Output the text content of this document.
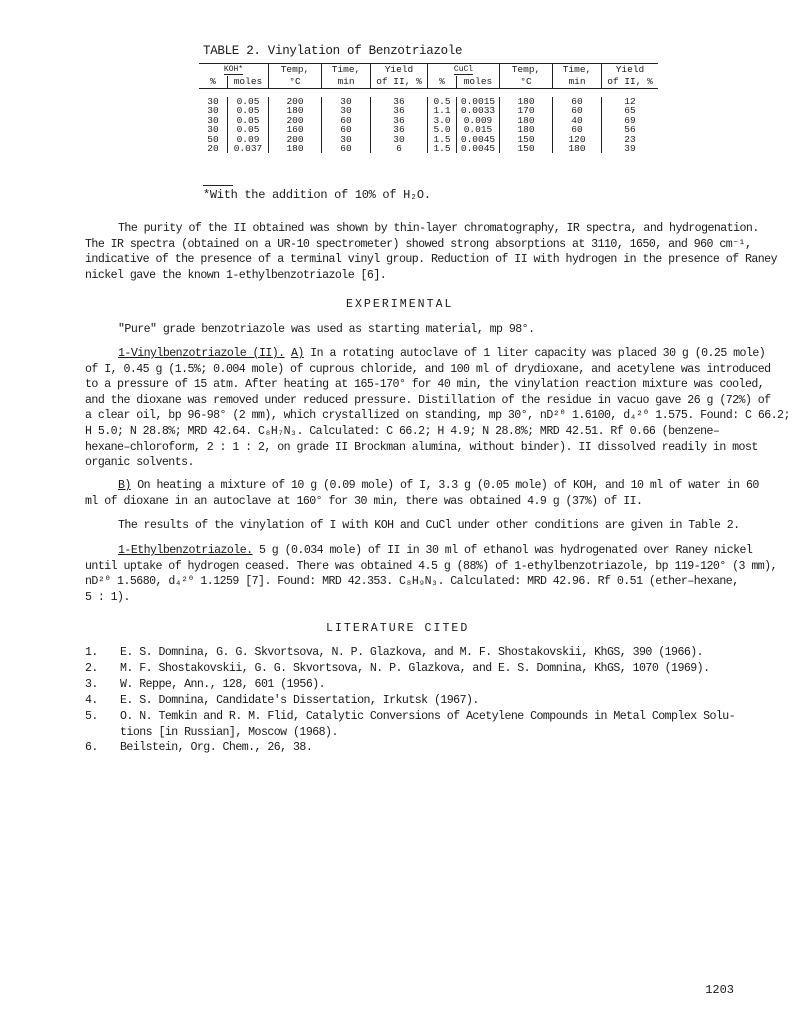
TABLE 2. Vinylation of Benzotriazole
KOH*		Temp,	Time,	Yield	CuCl		Temp,	Time,	Yield
%	moles	°C	min	of II, %	%	moles	°C	min	of II, %

30	0.05	200	30	36	0.5	0.0015	180	60	12
30	0.05	180	30	36	1.1	0.0033	170	60	65
30	0.05	200	60	36	3.0	0.009	180	40	69
30	0.05	160	60	36	5.0	0.015	180	60	56
50	0.09	200	30	30	1.5	0.0045	150	120	23
20	0.037	180	60	6	1.5	0.0045	150	180	39
*With the addition of 10% of H₂O.
The purity of the II obtained was shown by thin-layer chromatography, IR spectra, and hydrogenation.
The IR spectra (obtained on a UR-10 spectrometer) showed strong absorptions at 3110, 1650, and 960 cm⁻¹,
indicative of the presence of a terminal vinyl group. Reduction of II with hydrogen in the presence of Raney
nickel gave the known 1-ethylbenzotriazole [6].
EXPERIMENTAL
"Pure" grade benzotriazole was used as starting material, mp 98°.
1-Vinylbenzotriazole (II). A) In a rotating autoclave of 1 liter capacity was placed 30 g (0.25 mole)
of I, 0.45 g (1.5%; 0.004 mole) of cuprous chloride, and 100 ml of drydioxane, and acetylene was introduced
to a pressure of 15 atm. After heating at 165-170° for 40 min, the vinylation reaction mixture was cooled,
and the dioxane was removed under reduced pressure. Distillation of the residue in vacuo gave 26 g (72%) of
a clear oil, bp 96-98° (2 mm), which crystallized on standing, mp 30°, nD²⁰ 1.6100, d₄²⁰ 1.575. Found: C 66.2;
H 5.0; N 28.8%; MRD 42.64. C₈H₇N₃. Calculated: C 66.2; H 4.9; N 28.8%; MRD 42.51. Rf 0.66 (benzene–
hexane–chloroform, 2 : 1 : 2, on grade II Brockman alumina, without binder). II dissolved readily in most
organic solvents.
B) On heating a mixture of 10 g (0.09 mole) of I, 3.3 g (0.05 mole) of KOH, and 10 ml of water in 60
ml of dioxane in an autoclave at 160° for 30 min, there was obtained 4.9 g (37%) of II.
The results of the vinylation of I with KOH and CuCl under other conditions are given in Table 2.
1-Ethylbenzotriazole. 5 g (0.034 mole) of II in 30 ml of ethanol was hydrogenated over Raney nickel
until uptake of hydrogen ceased. There was obtained 4.5 g (88%) of 1-ethylbenzotriazole, bp 119-120° (3 mm),
nD²⁰ 1.5680, d₄²⁰ 1.1259 [7]. Found: MRD 42.353. C₈H₉N₃. Calculated: MRD 42.96. Rf 0.51 (ether–hexane,
5 : 1).
LITERATURE CITED
1. E. S. Domnina, G. G. Skvortsova, N. P. Glazkova, and M. F. Shostakovskii, KhGS, 390 (1966).
2. M. F. Shostakovskii, G. G. Skvortsova, N. P. Glazkova, and E. S. Domnina, KhGS, 1070 (1969).
3. W. Reppe, Ann., 128, 601 (1956).
4. E. S. Domnina, Candidate's Dissertation, Irkutsk (1967).
5. O. N. Temkin and R. M. Flid, Catalytic Conversions of Acetylene Compounds in Metal Complex Solu-
tions [in Russian], Moscow (1968).
6. Beilstein, Org. Chem., 26, 38.
1203
